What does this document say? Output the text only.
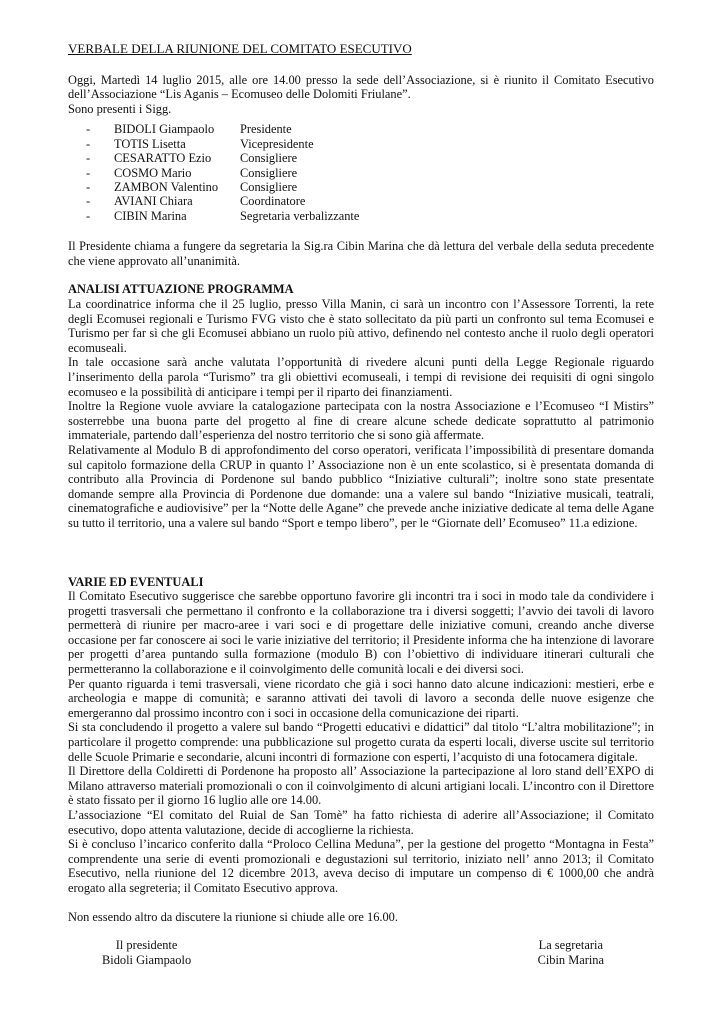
VERBALE DELLA RIUNIONE DEL COMITATO ESECUTIVO

Oggi, Martedì 14 luglio 2015, alle ore 14.00 presso la sede dell’Associazione, si è riunito il Comitato Esecutivo dell’Associazione “Lis Aganis – Ecomuseo delle Dolomiti Friulane”.

Sono presenti i Sigg.

-	BIDOLI Giampaolo	Presidente
-	TOTIS Lisetta	Vicepresidente
-	CESARATTO Ezio	Consigliere
-	COSMO Mario	Consigliere
-	ZAMBON Valentino	Consigliere
-	AVIANI Chiara	Coordinatore
-	CIBIN Marina	Segretaria verbalizzante

Il Presidente chiama a fungere da segretaria la Sig.ra Cibin Marina che dà lettura del verbale della seduta precedente che viene approvato all’unanimità.

ANALISI ATTUAZIONE PROGRAMMA

La coordinatrice informa che il 25 luglio, presso Villa Manin, ci sarà un incontro con l’Assessore Torrenti, la rete degli Ecomusei regionali e Turismo FVG visto che è stato sollecitato da più parti un confronto sul tema Ecomusei e Turismo per far sì che gli Ecomusei abbiano un ruolo più attivo, definendo nel contesto anche il ruolo degli operatori ecomuseali.

In tale occasione sarà anche valutata l’opportunità di rivedere alcuni punti della Legge Regionale riguardo l’inserimento della parola “Turismo” tra gli obiettivi ecomuseali, i tempi di revisione dei requisiti di ogni singolo ecomuseo e la possibilità di anticipare i tempi per il riparto dei finanziamenti.

Inoltre la Regione vuole avviare la catalogazione partecipata con la nostra Associazione e l’Ecomuseo “I Mistirs” sosterrebbe una buona parte del progetto al fine di creare alcune schede dedicate soprattutto al patrimonio immateriale, partendo dall’esperienza del nostro territorio che si sono già affermate.

Relativamente al Modulo B di approfondimento del corso operatori, verificata l’impossibilità di presentare domanda sul capitolo formazione della CRUP in quanto l’ Associazione non è un ente scolastico, si è presentata domanda di contributo alla Provincia di Pordenone sul bando pubblico “Iniziative culturali”; inoltre sono state presentate domande sempre alla Provincia di Pordenone due domande: una a valere sul bando “Iniziative musicali, teatrali, cinematografiche e audiovisive” per la “Notte delle Agane” che prevede anche iniziative dedicate al tema delle Agane su tutto il territorio, una a valere sul bando “Sport e tempo libero”, per le “Giornate dell’ Ecomuseo” 11.a edizione.

VARIE ED EVENTUALI

Il Comitato Esecutivo suggerisce che sarebbe opportuno favorire gli incontri tra i soci in modo tale da condividere i progetti trasversali che permettano il confronto e la collaborazione tra i diversi soggetti; l’avvio dei tavoli di lavoro permetterà di riunire per macro-aree i vari soci e di progettare delle iniziative comuni, creando anche diverse occasione per far conoscere ai soci le varie iniziative del territorio; il Presidente informa che ha intenzione di lavorare per progetti d’area puntando sulla formazione (modulo B) con l’obiettivo di individuare itinerari culturali che permetteranno la collaborazione e il coinvolgimento delle comunità locali e dei diversi soci.

Per quanto riguarda i temi trasversali, viene ricordato che già i soci hanno dato alcune indicazioni: mestieri, erbe e archeologia e mappe di comunità; e saranno attivati dei tavoli di lavoro a seconda delle nuove esigenze che emergeranno dal prossimo incontro con i soci in occasione della comunicazione dei riparti.

Si sta concludendo il progetto a valere sul bando “Progetti educativi e didattici” dal titolo “L’altra mobilitazione”; in particolare il progetto comprende: una pubblicazione sul progetto curata da esperti locali, diverse uscite sul territorio delle Scuole Primarie e secondarie, alcuni incontri di formazione con esperti, l’acquisto di una fotocamera digitale.

Il Direttore della Coldiretti di Pordenone ha proposto all’ Associazione la partecipazione al loro stand dell’EXPO di Milano attraverso materiali promozionali o con il coinvolgimento di alcuni artigiani locali. L’incontro con il Direttore è stato fissato per il giorno 16 luglio alle ore 14.00.

L’associazione “El comitato del Ruial de San Tomè” ha fatto richiesta di aderire all’Associazione; il Comitato esecutivo, dopo attenta valutazione, decide di accoglierne la richiesta.

Si è concluso l’incarico conferito dalla “Proloco Cellina Meduna”, per la gestione del progetto “Montagna in Festa” comprendente una serie di eventi promozionali e degustazioni sul territorio, iniziato nell’ anno 2013; il Comitato Esecutivo, nella riunione del 12 dicembre 2013, aveva deciso di imputare un compenso di € 1000,00 che andrà erogato alla segreteria; il Comitato Esecutivo approva.

Non essendo altro da discutere la riunione si chiude alle ore 16.00.

Il presidente
Bidoli Giampaolo
La segretaria
Cibin Marina
